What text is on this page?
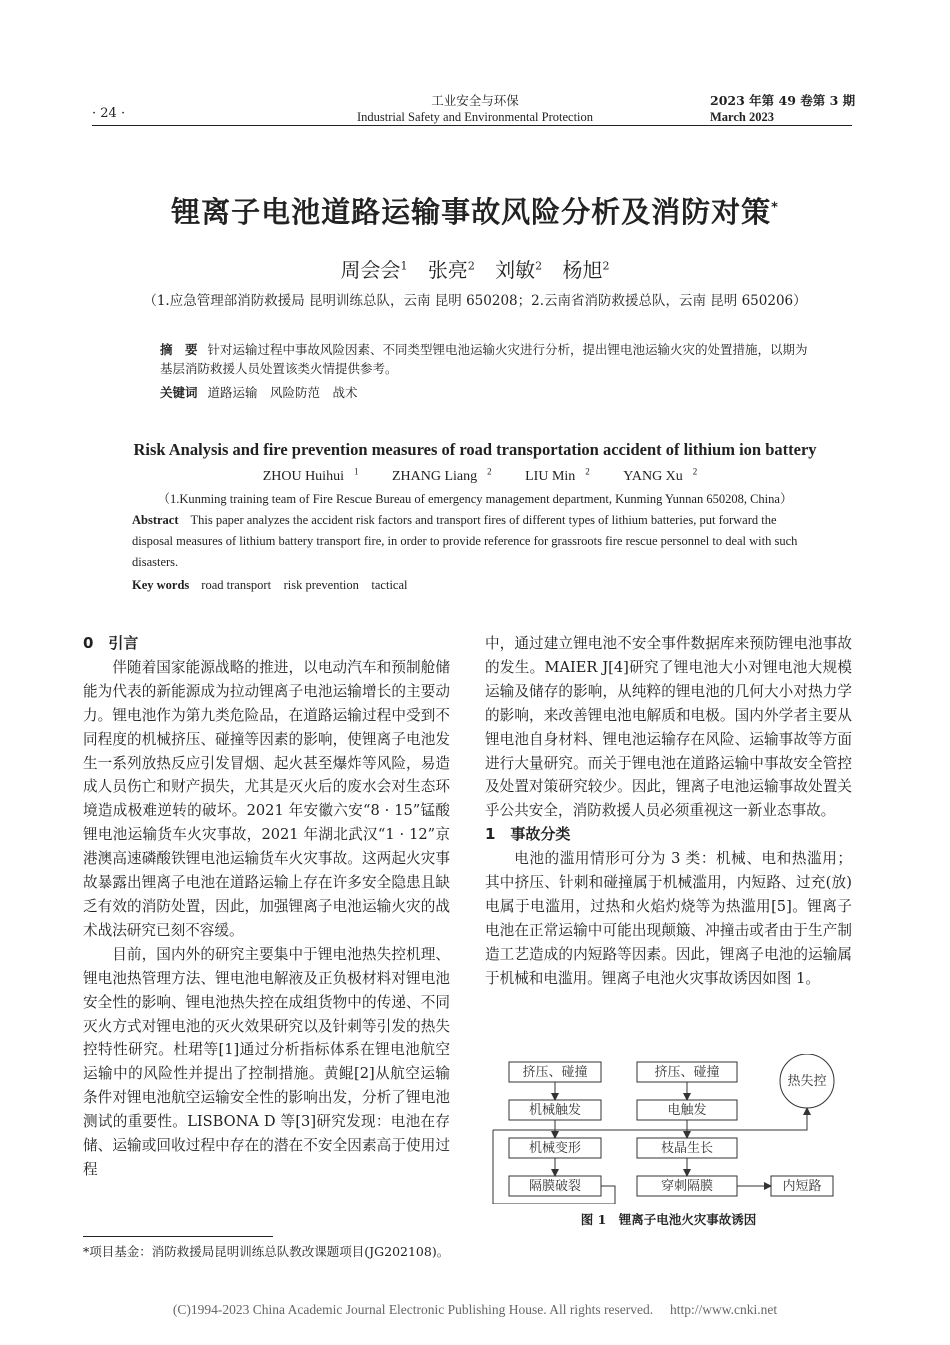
· 24 ·
工业安全与环保
Industrial Safety and Environmental Protection
2023 年第 49 卷第 3 期
March 2023
锂离子电池道路运输事故风险分析及消防对策*
周会会$^1$ 张亮$^2$ 刘敏$^2$ 杨旭$^2$
（1.应急管理部消防救援局 昆明训练总队，云南 昆明 650208；2.云南省消防救援总队，云南 昆明 650206）
摘　要 针对运输过程中事故风险因素、不同类型锂电池运输火灾进行分析，提出锂电池运输火灾的处置措施，以期为基层消防救援人员处置该类火情提供参考。
关键词 道路运输　风险防范　战术
Risk Analysis and fire prevention measures of road transportation accident of lithium ion battery
ZHOU Huihui $^1$ ZHANG Liang $^2$ LIU Min $^2$ YANG Xu $^2$
（1.Kunming training team of Fire Rescue Bureau of emergency management department, Kunming Yunnan 650208, China）
Abstract This paper analyzes the accident risk factors and transport fires of different types of lithium batteries, put forward the disposal measures of lithium battery transport fire, in order to provide reference for grassroots fire rescue personnel to deal with such disasters.
Key words road transport　risk prevention　tactical
0　引言

伴随着国家能源战略的推进，以电动汽车和预制舱储能为代表的新能源成为拉动锂离子电池运输增长的主要动力。锂电池作为第九类危险品，在道路运输过程中受到不同程度的机械挤压、碰撞等因素的影响，使锂离子电池发生一系列放热反应引发冒烟、起火甚至爆炸等风险，易造成人员伤亡和财产损失，尤其是灭火后的废水会对生态环境造成极难逆转的破坏。2021 年安徽六安“8 · 15”锰酸锂电池运输货车火灾事故，2021 年湖北武汉“1 · 12”京港澳高速磷酸铁锂电池运输货车火灾事故。这两起火灾事故暴露出锂离子电池在道路运输上存在许多安全隐患且缺乏有效的消防处置，因此，加强锂离子电池运输火灾的战术战法研究已刻不容缓。

目前，国内外的研究主要集中于锂电池热失控机理、锂电池热管理方法、锂电池电解液及正负极材料对锂电池安全性的影响、锂电池热失控在成组货物中的传递、不同灭火方式对锂电池的灭火效果研究以及针刺等引发的热失控特性研究。杜珺等[1]通过分析指标体系在锂电池航空运输中的风险性并提出了控制措施。黄鲲[2]从航空运输条件对锂电池航空运输安全性的影响出发，分析了锂电池测试的重要性。LISBONA D 等[3]研究发现：电池在存储、运输或回收过程中存在的潜在不安全因素高于使用过程

中，通过建立锂电池不安全事件数据库来预防锂电池事故的发生。MAIER J[4]研究了锂电池大小对锂电池大规模运输及储存的影响，从纯粹的锂电池的几何大小对热力学的影响，来改善锂电池电解质和电极。国内外学者主要从锂电池自身材料、锂电池运输存在风险、运输事故等方面进行大量研究。而关于锂电池在道路运输中事故安全管控及处置对策研究较少。因此，锂离子电池运输事故处置关乎公共安全，消防救援人员必须重视这一新业态事故。

1　事故分类

电池的滥用情形可分为 3 类：机械、电和热滥用；其中挤压、针刺和碰撞属于机械滥用，内短路、过充(放)电属于电滥用，过热和火焰灼烧等为热滥用[5]。锂离子电池在正常运输中可能出现颠簸、冲撞击或者由于生产制造工艺造成的内短路等因素。因此，锂离子电池的运输属于机械和电滥用。锂离子电池火灾事故诱因如图 1。

挤压、碰撞
机械触发
机械变形
隔膜破裂
挤压、碰撞
电触发
枝晶生长
穿刺隔膜	内短路
热失控
图 1　锂离子电池火灾事故诱因
*项目基金：消防救援局昆明训练总队教改课题项目(JG202108)。
(C)1994-2023 China Academic Journal Electronic Publishing House. All rights reserved.　 http://www.cnki.net
